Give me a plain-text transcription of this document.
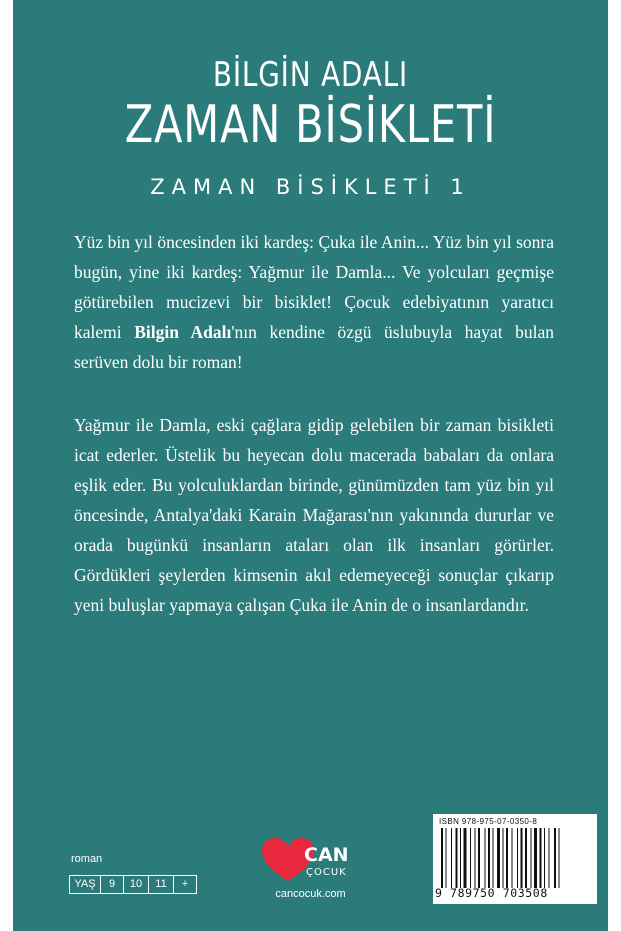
BİLGİN ADALI
ZAMAN BİSİKLETİ
ZAMAN BİSİKLETİ 1
Yüz bin yıl öncesinden iki kardeş: Çuka ile Anin... Yüz bin yıl sonra bugün, yine iki kardeş: Yağmur ile Damla... Ve yolcuları geçmişe götürebilen mucizevi bir bisiklet! Çocuk edebiyatının yaratıcı kalemi Bilgin Adalı'nın kendine özgü üslubuyla hayat bulan serüven dolu bir roman!
Yağmur ile Damla, eski çağlara gidip gelebilen bir zaman bisikleti icat ederler. Üstelik bu heyecan dolu macerada babaları da onlara eşlik eder. Bu yolculuklardan birinde, günümüzden tam yüz bin yıl öncesinde, Antalya'daki Karain Mağarası'nın yakınında dururlar ve orada bugünkü insanların ataları olan ilk insanları görürler. Gördükleri şeylerden kimsenin akıl edemeyeceği sonuçlar çıkarıp yeni buluşlar yapmaya çalışan Çuka ile Anin de o insanlardandır.
roman
YAŞ	9	10	11	+
CAN
ÇOCUK
cancocuk.com
ISBN 978-975-07-0350-8
9 789750 703508
